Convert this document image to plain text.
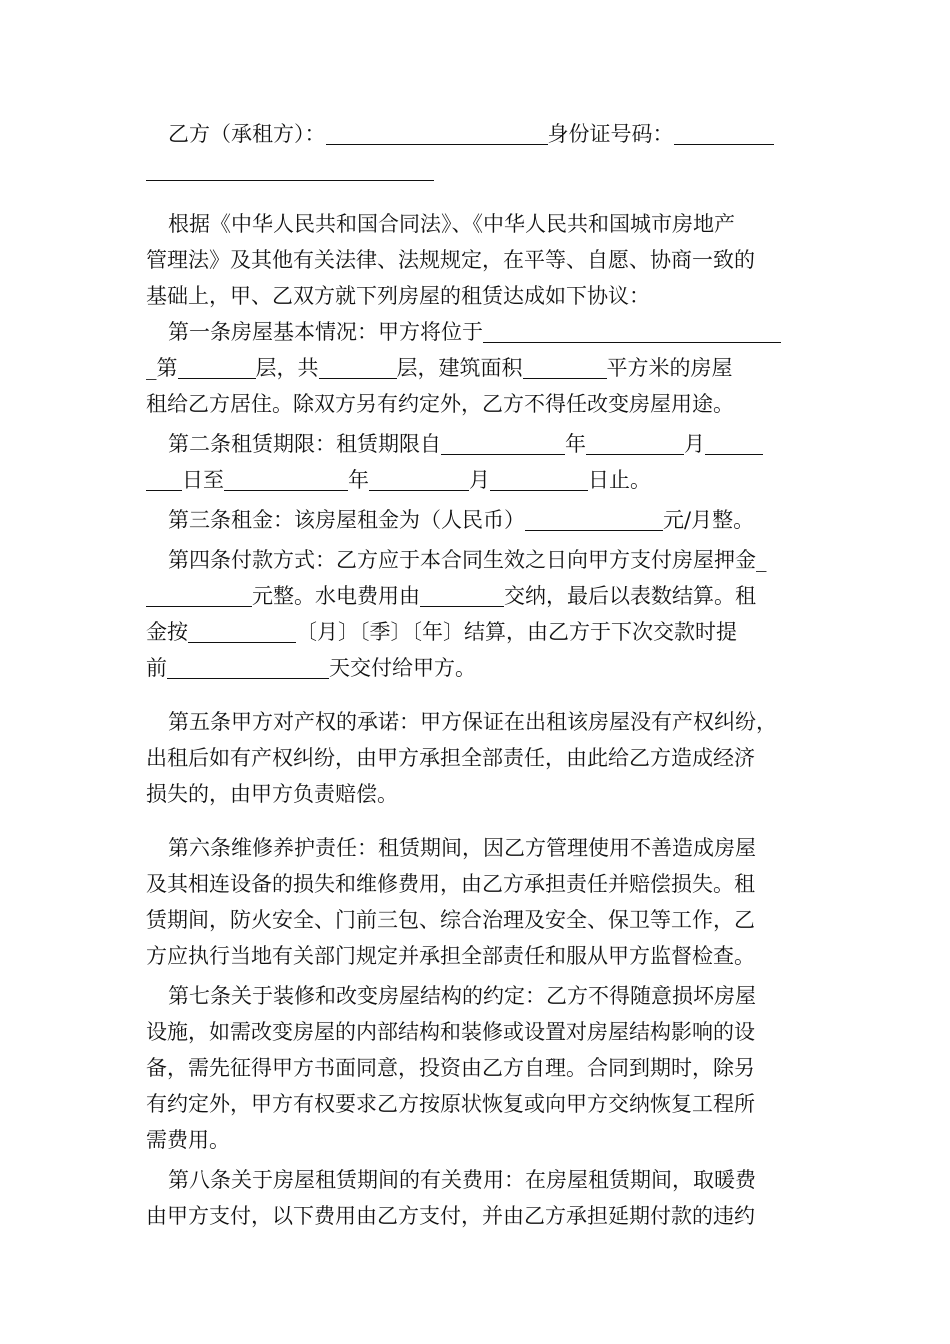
乙方（承租方）：	身份证号码：
根据《中华人民共和国合同法》、《中华人民共和国城市房地产
管理法》及其他有关法律、法规规定，在平等、自愿、协商一致的
基础上，甲、乙双方就下列房屋的租赁达成如下协议：
第一条房屋基本情况：甲方将位于
_第	层，共	层，建筑面积	平方米的房屋
租给乙方居住。除双方另有约定外，乙方不得任改变房屋用途。
第二条租赁期限：租赁期限自	年	月
日至	年	月	日止。
第三条租金：该房屋租金为（人民币）	元/月整。
第四条付款方式：乙方应于本合同生效之日向甲方支付房屋押金_
元整。水电费用由	交纳，最后以表数结算。租
金按	〔月〕〔季〕〔年〕结算，由乙方于下次交款时提
前	天交付给甲方。
第五条甲方对产权的承诺：甲方保证在出租该房屋没有产权纠纷，
出租后如有产权纠纷，由甲方承担全部责任，由此给乙方造成经济
损失的，由甲方负责赔偿。
第六条维修养护责任：租赁期间，因乙方管理使用不善造成房屋
及其相连设备的损失和维修费用，由乙方承担责任并赔偿损失。租
赁期间，防火安全、门前三包、综合治理及安全、保卫等工作，乙
方应执行当地有关部门规定并承担全部责任和服从甲方监督检查。
第七条关于装修和改变房屋结构的约定：乙方不得随意损坏房屋
设施，如需改变房屋的内部结构和装修或设置对房屋结构影响的设
备，需先征得甲方书面同意，投资由乙方自理。合同到期时，除另
有约定外，甲方有权要求乙方按原状恢复或向甲方交纳恢复工程所
需费用。
第八条关于房屋租赁期间的有关费用：在房屋租赁期间，取暖费
由甲方支付，以下费用由乙方支付，并由乙方承担延期付款的违约
